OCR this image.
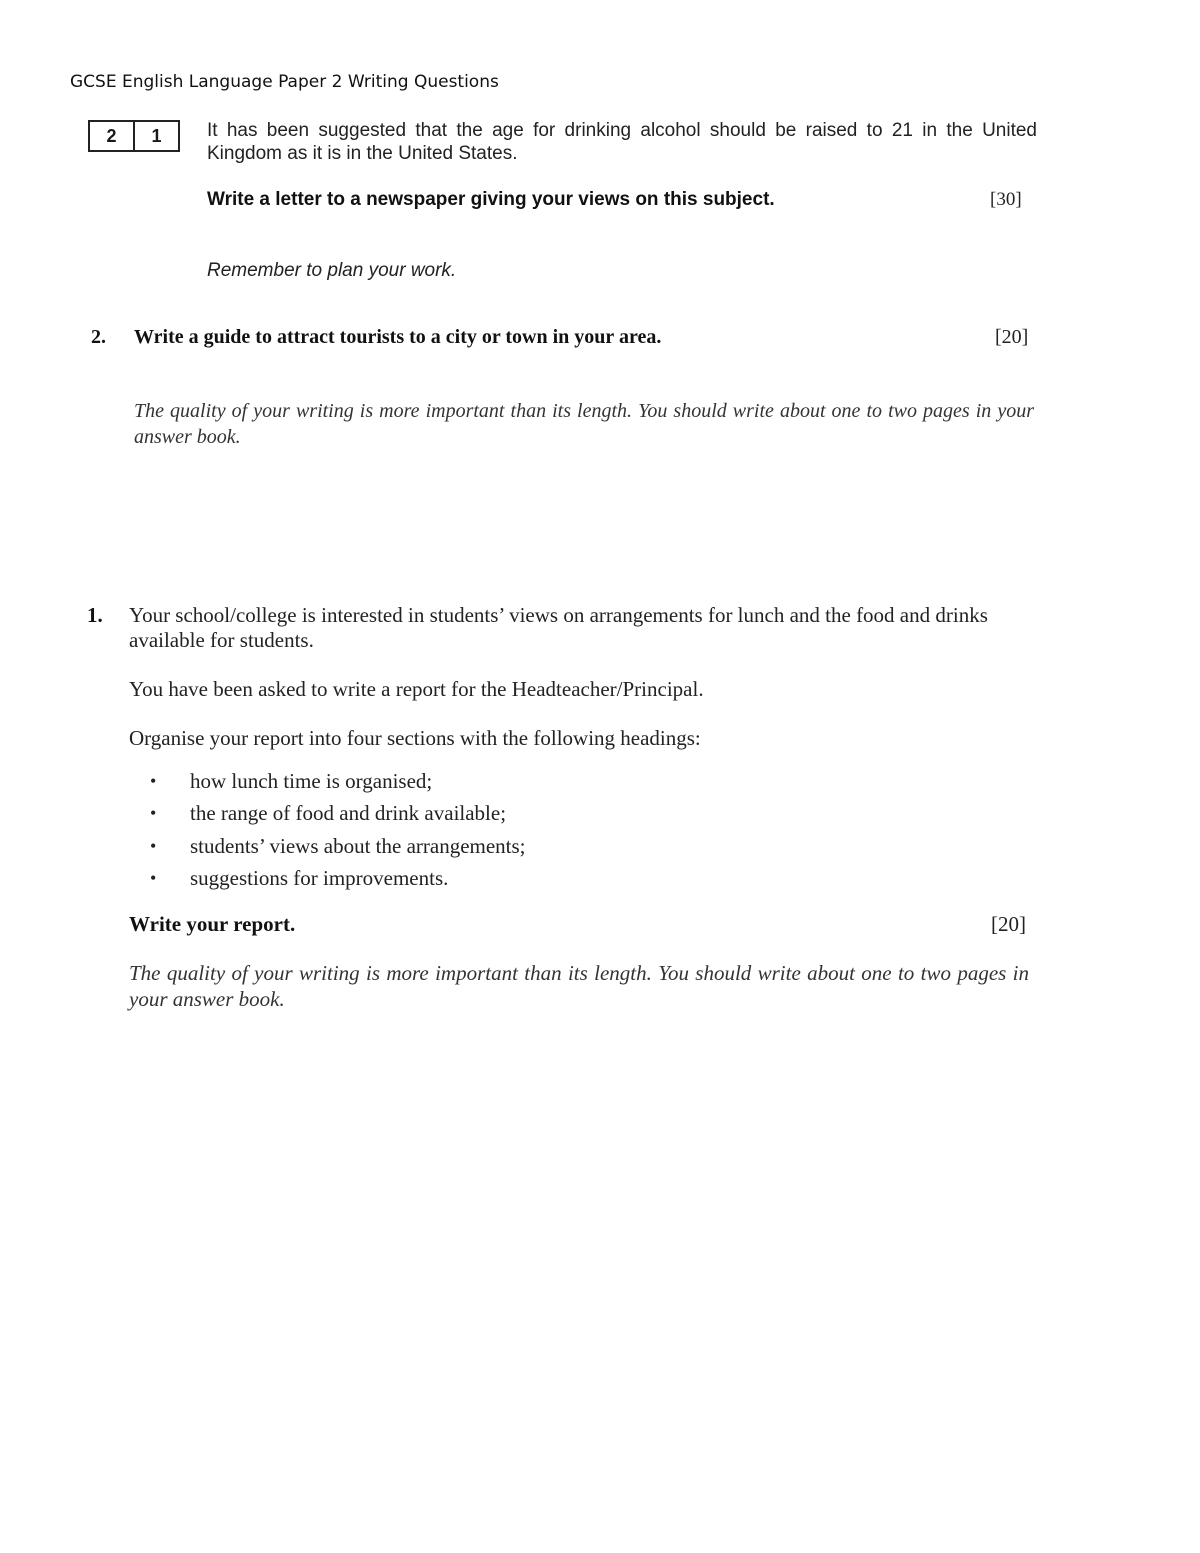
GCSE English Language Paper 2 Writing Questions
2	1	It has been suggested that the age for drinking alcohol should be raised to 21 in the United Kingdom as it is in the United States.
Write a letter to a newspaper giving your views on this subject.	[30]
Remember to plan your work.
2. Write a guide to attract tourists to a city or town in your area.	[20]
The quality of your writing is more important than its length. You should write about one to two pages in your answer book.
1. Your school/college is interested in students’ views on arrangements for lunch and the food and drinks available for students.
You have been asked to write a report for the Headteacher/Principal.
Organise your report into four sections with the following headings:
•	how lunch time is organised;
•	the range of food and drink available;
•	students’ views about the arrangements;
•	suggestions for improvements.
Write your report.	[20]
The quality of your writing is more important than its length. You should write about one to two pages in your answer book.
